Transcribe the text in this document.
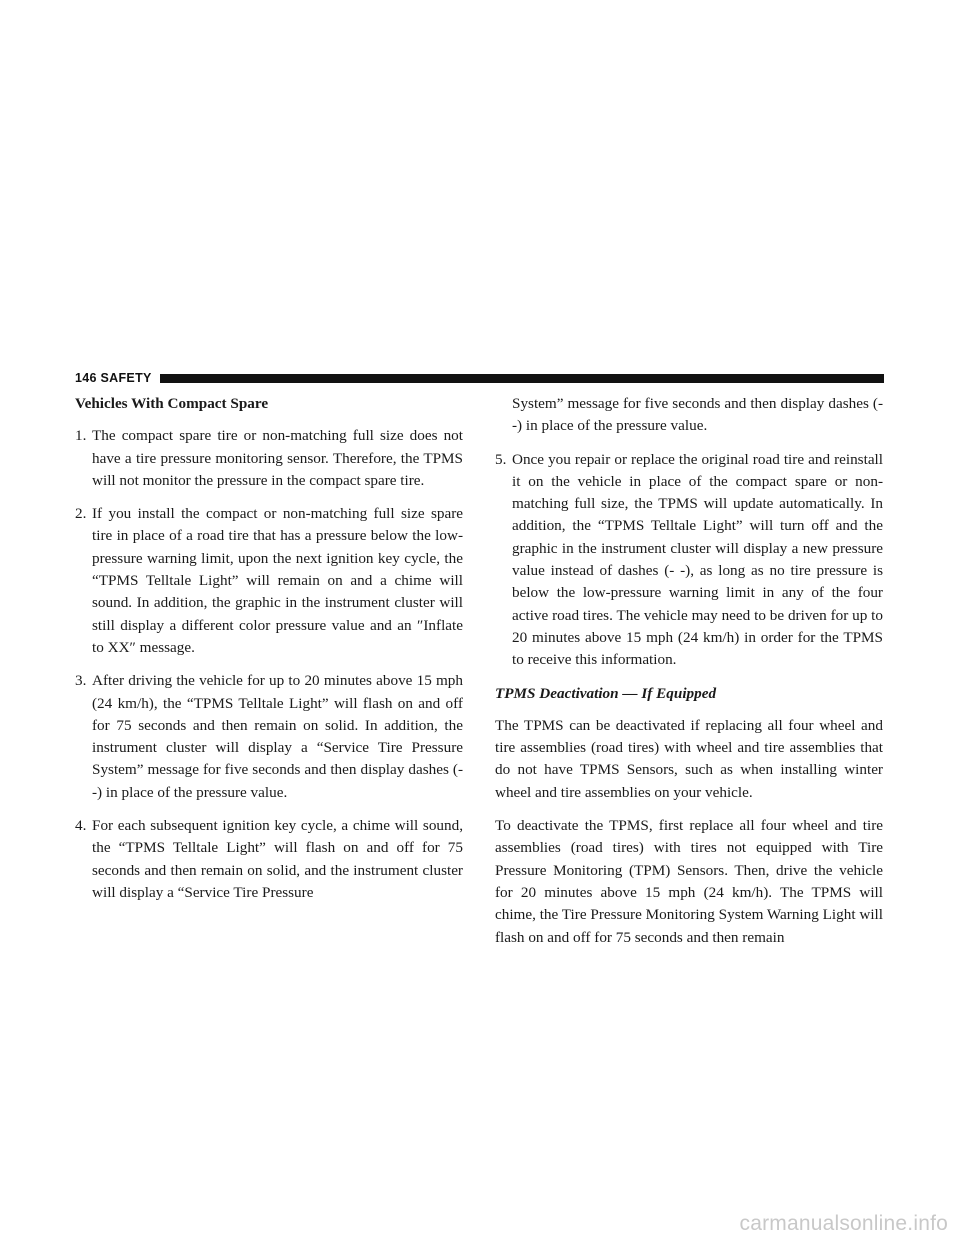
146 SAFETY
Vehicles With Compact Spare
1. The compact spare tire or non-matching full size does not have a tire pressure monitoring sensor. Therefore, the TPMS will not monitor the pressure in the compact spare tire.
2. If you install the compact or non-matching full size spare tire in place of a road tire that has a pressure below the low-pressure warning limit, upon the next ignition key cycle, the “TPMS Telltale Light” will remain on and a chime will sound. In addition, the graphic in the instrument cluster will still display a different color pressure value and an ″Inflate to XX″ message.
3. After driving the vehicle for up to 20 minutes above 15 mph (24 km/h), the “TPMS Telltale Light” will flash on and off for 75 seconds and then remain on solid. In addition, the instrument cluster will display a “Service Tire Pressure System” message for five seconds and then display dashes (- -) in place of the pressure value.
4. For each subsequent ignition key cycle, a chime will sound, the “TPMS Telltale Light” will flash on and off for 75 seconds and then remain on solid, and the instrument cluster will display a “Service Tire Pressure

System” message for five seconds and then display dashes (- -) in place of the pressure value.

5. Once you repair or replace the original road tire and reinstall it on the vehicle in place of the compact spare or non-matching full size, the TPMS will update automatically. In addition, the “TPMS Telltale Light” will turn off and the graphic in the instrument cluster will display a new pressure value instead of dashes (- -), as long as no tire pressure is below the low-pressure warning limit in any of the four active road tires. The vehicle may need to be driven for up to 20 minutes above 15 mph (24 km/h) in order for the TPMS to receive this information.
TPMS Deactivation — If Equipped

The TPMS can be deactivated if replacing all four wheel and tire assemblies (road tires) with wheel and tire assemblies that do not have TPMS Sensors, such as when installing winter wheel and tire assemblies on your vehicle.

To deactivate the TPMS, first replace all four wheel and tire assemblies (road tires) with tires not equipped with Tire Pressure Monitoring (TPM) Sensors. Then, drive the vehicle for 20 minutes above 15 mph (24 km/h). The TPMS will chime, the Tire Pressure Monitoring System Warning Light will flash on and off for 75 seconds and then remain

carmanualsonline.info
